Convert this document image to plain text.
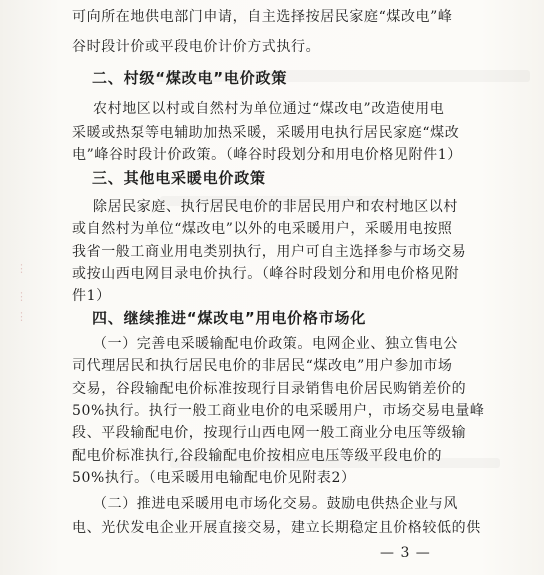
⋮
⋮
⋮
可向所在地供电部门申请，自主选择按居民家庭“煤改电”峰
谷时段计价或平段电价计价方式执行。
二、村级“煤改电”电价政策
农村地区以村或自然村为单位通过“煤改电”改造使用电
采暖或热泵等电辅助加热采暖，采暖用电执行居民家庭“煤改
电”峰谷时段计价政策。（峰谷时段划分和用电价格见附件1）
三、其他电采暖电价政策
除居民家庭、执行居民电价的非居民用户和农村地区以村
或自然村为单位“煤改电”以外的电采暖用户，采暖用电按照
我省一般工商业用电类别执行，用户可自主选择参与市场交易
或按山西电网目录电价执行。（峰谷时段划分和用电价格见附
件1）
四、继续推进“煤改电”用电价格市场化
（一）完善电采暖输配电价政策。电网企业、独立售电公
司代理居民和执行居民电价的非居民“煤改电”用户参加市场
交易，谷段输配电价标准按现行目录销售电价居民购销差价的
50%执行。执行一般工商业电价的电采暖用户，市场交易电量峰
段、平段输配电价，按现行山西电网一般工商业分电压等级输
配电价标准执行,谷段输配电价按相应电压等级平段电价的
50%执行。（电采暖用电输配电价见附表2）
（二）推进电采暖用电市场化交易。鼓励电供热企业与风
电、光伏发电企业开展直接交易，建立长期稳定且价格较低的供
— 3 —
